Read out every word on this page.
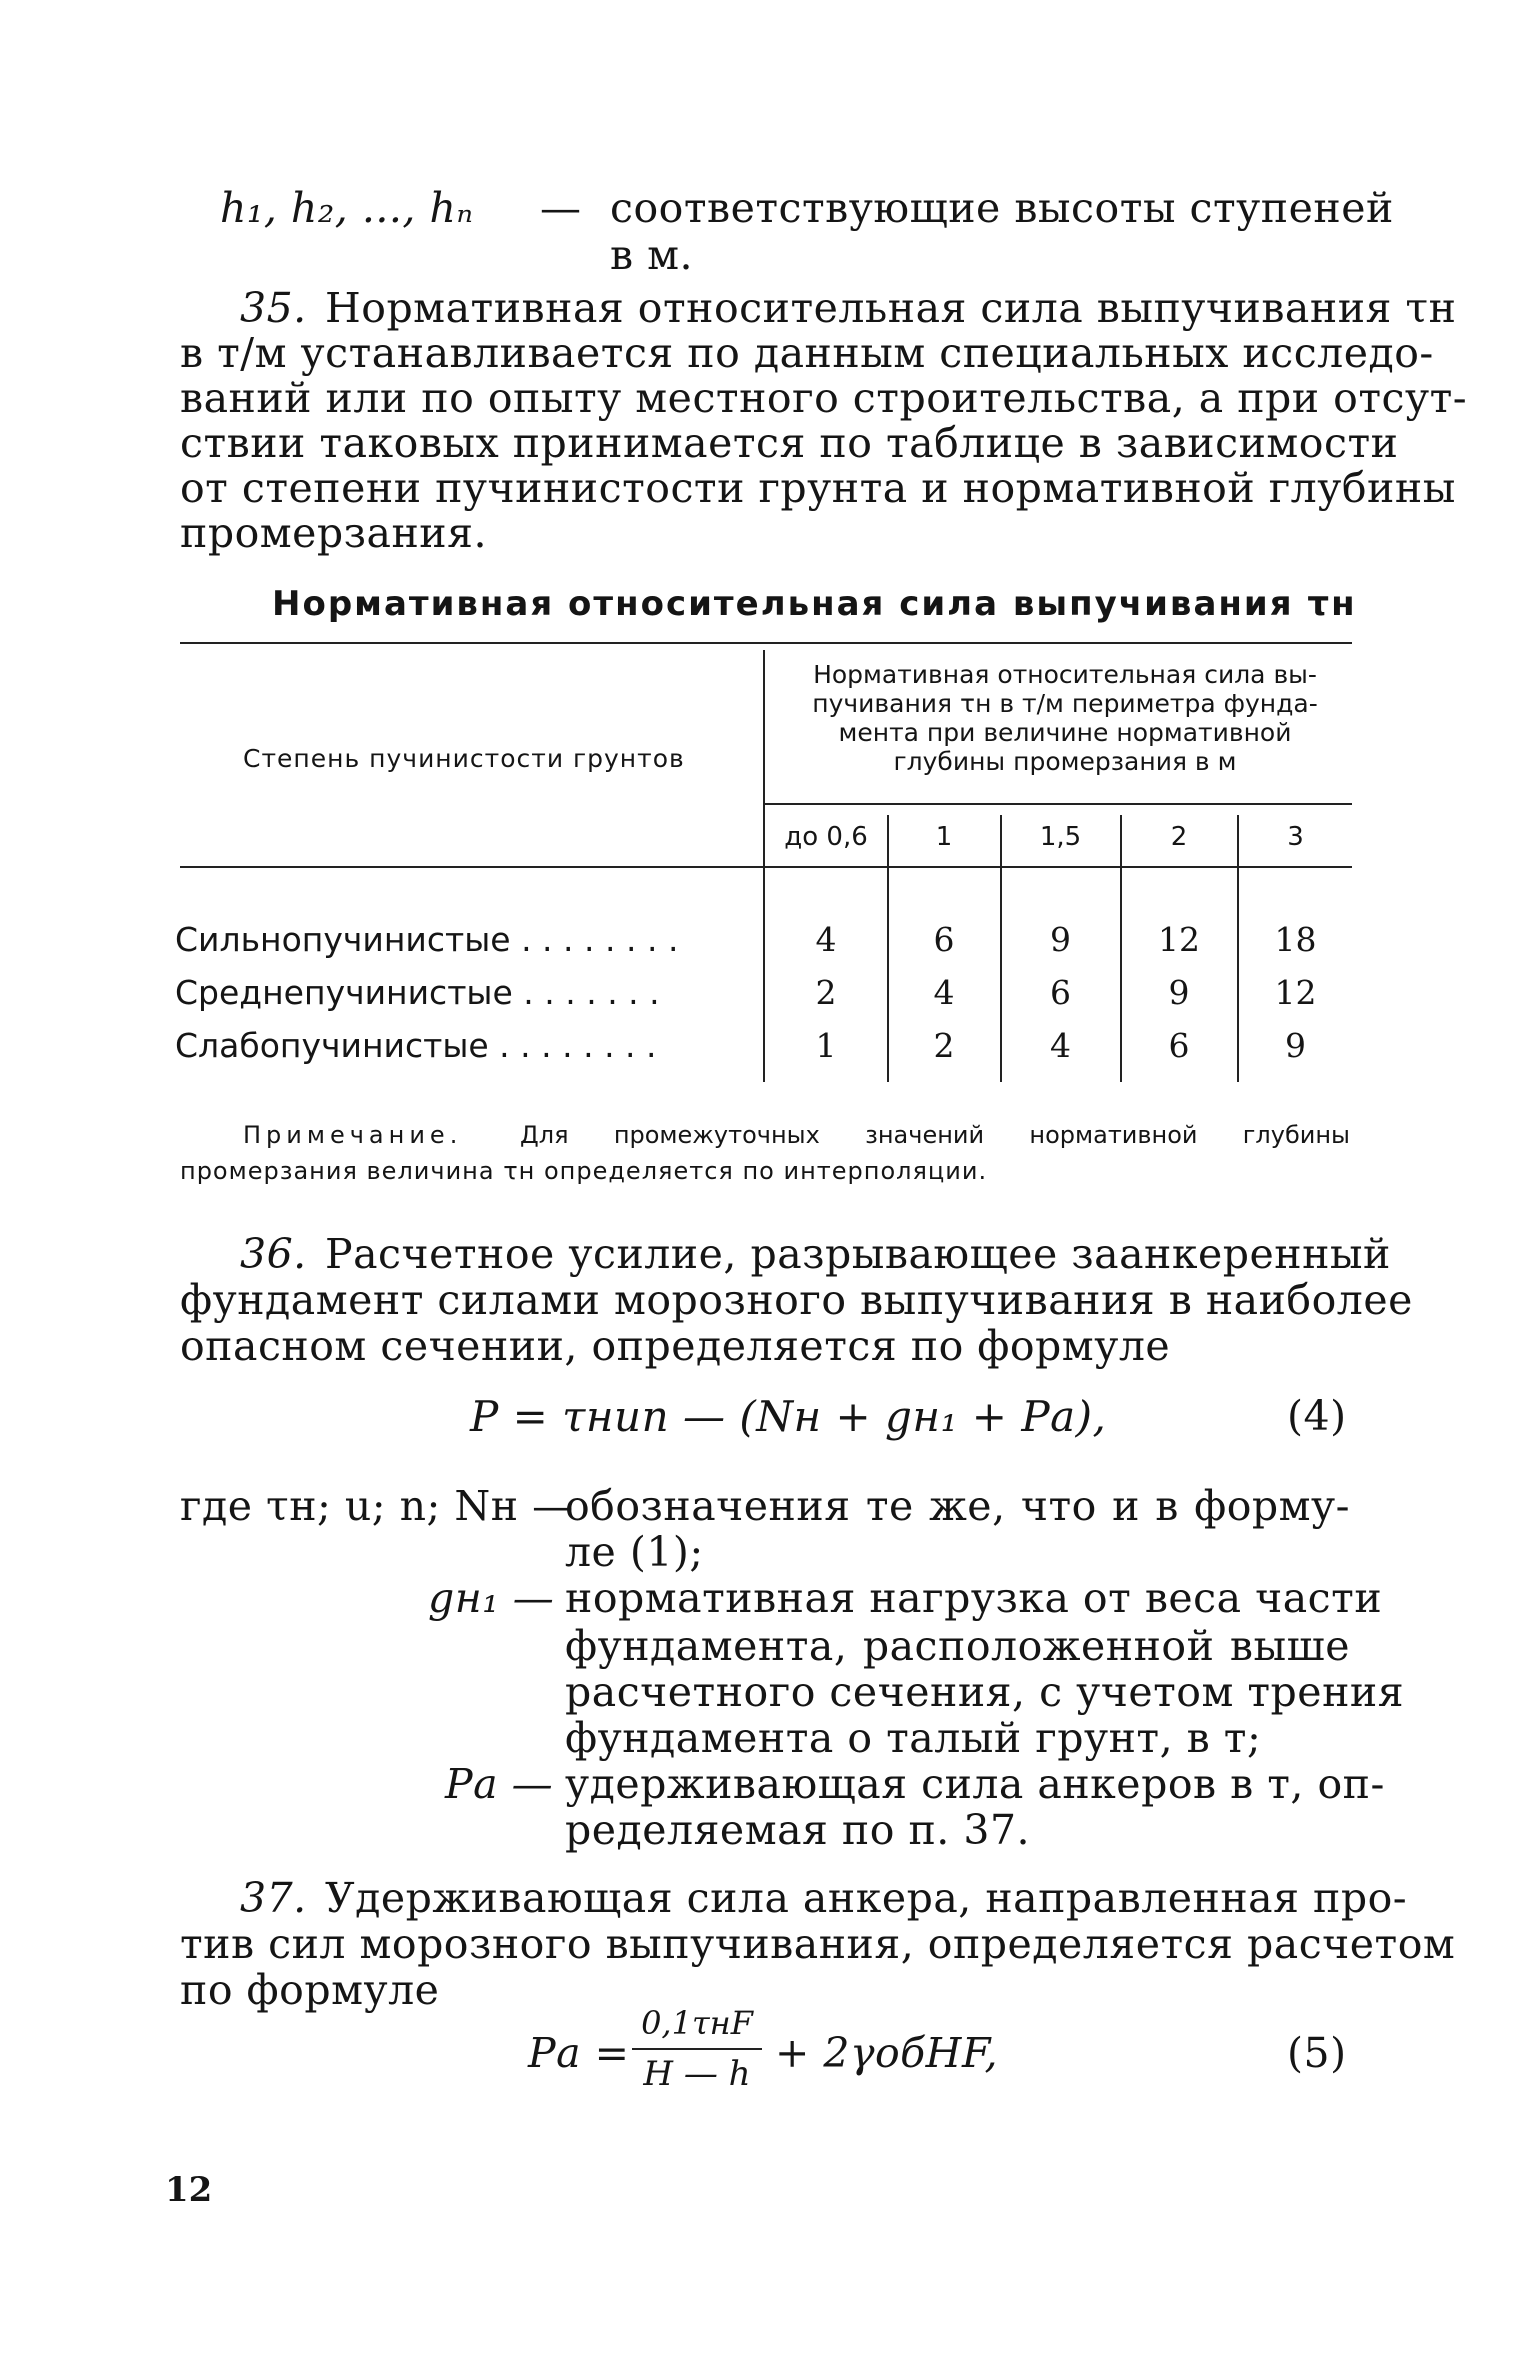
h₁, h₂, ..., hₙ — соответствующие высоты ступеней
в м.
35. Нормативная относительная сила выпучивания τн
в т/м устанавливается по данным специальных исследо-
ваний или по опыту местного строительства, а при отсут-
ствии таковых принимается по таблице в зависимости
от степени пучинистости грунта и нормативной глубины
промерзания.
Нормативная относительная сила выпучивания τн
Степень пучинистости грунтов
Нормативная относительная сила вы-
пучивания τн в т/м периметра фунда-
мента при величине нормативной
глубины промерзания в м
до 0,6	1	1,5	2	3
Сильнопучинистые . . . . . . . .	4	6	9	12	18
Среднепучинистые . . . . . . .	2	4	6	9	12
Слабопучинистые . . . . . . . .	1	2	4	6	9
Примечание. Для промежуточных значений нормативной глубины
промерзания величина τн определяется по интерполяции.
36. Расчетное усилие, разрывающее заанкеренный
фундамент силами морозного выпучивания в наиболее
опасном сечении, определяется по формуле
P = τнun — (Nн + gн₁ + Pа),	(4)
где τн; u; n; Nн —
обозначения те же, что и в форму-
ле (1);
gн₁ — нормативная нагрузка от веса части
фундамента, расположенной выше
расчетного сечения, с учетом трения
фундамента о талый грунт, в т;
Pа — удерживающая сила анкеров в т, оп-
ределяемая по п. 37.
37. Удерживающая сила анкера, направленная про-
тив сил морозного выпучивания, определяется расчетом
по формуле
Pа =
0,1τнF
H — h + 2γобHF,	(5)
12
